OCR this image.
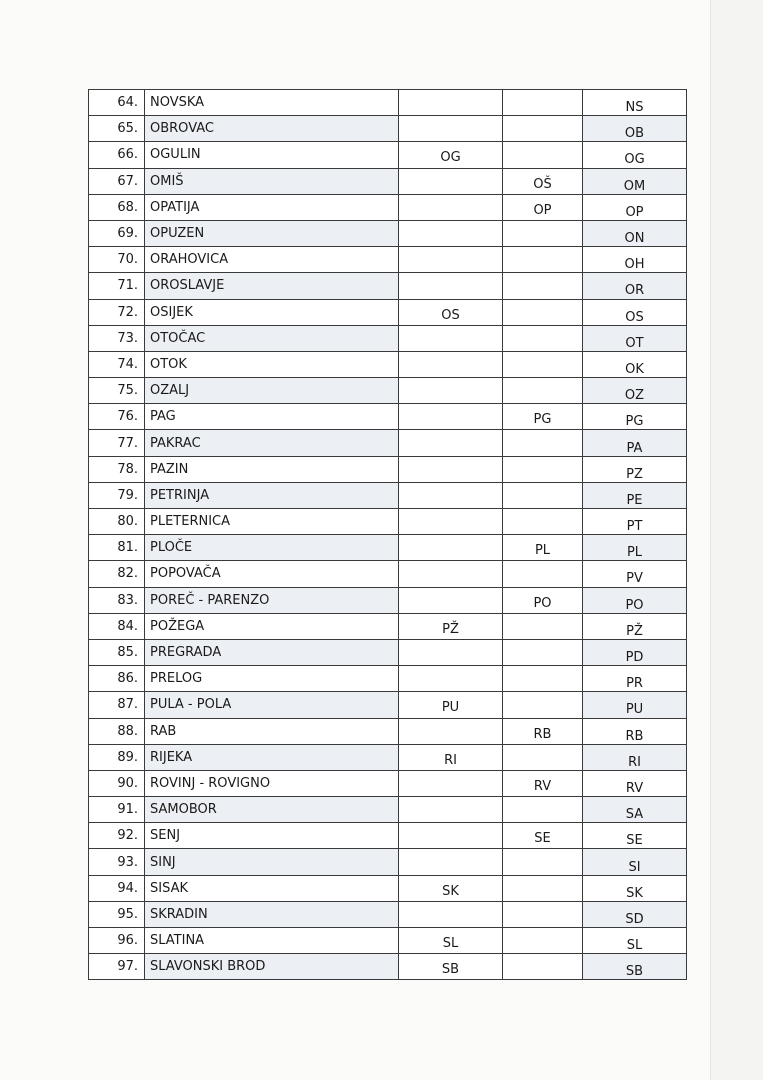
64.	NOVSKA			NS
65.	OBROVAC			OB
66.	OGULIN	OG		OG
67.	OMIŠ		OŠ	OM
68.	OPATIJA		OP	OP
69.	OPUZEN			ON
70.	ORAHOVICA			OH
71.	OROSLAVJE			OR
72.	OSIJEK	OS		OS
73.	OTOČAC			OT
74.	OTOK			OK
75.	OZALJ			OZ
76.	PAG		PG	PG
77.	PAKRAC			PA
78.	PAZIN			PZ
79.	PETRINJA			PE
80.	PLETERNICA			PT
81.	PLOČE		PL	PL
82.	POPOVAČA			PV
83.	POREČ - PARENZO		PO	PO
84.	POŽEGA	PŽ		PŽ
85.	PREGRADA			PD
86.	PRELOG			PR
87.	PULA - POLA	PU		PU
88.	RAB		RB	RB
89.	RIJEKA	RI		RI
90.	ROVINJ - ROVIGNO		RV	RV
91.	SAMOBOR			SA
92.	SENJ		SE	SE
93.	SINJ			SI
94.	SISAK	SK		SK
95.	SKRADIN			SD
96.	SLATINA	SL		SL
97.	SLAVONSKI BROD	SB		SB
